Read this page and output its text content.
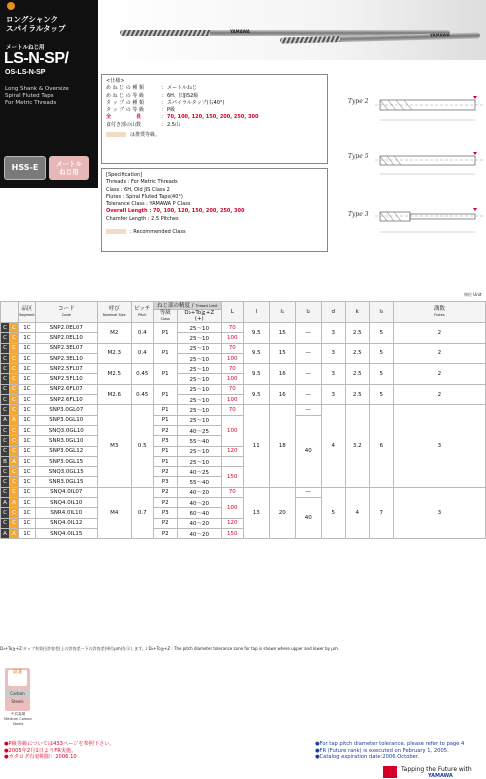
ロングシャンク
スパイラルタップ
メートルねじ用
LS-N-SP/
OS-LS-N-SP
Long Shank & Oversize
Spiral Fluted Taps
For Metric Threads
HSS-E	メートル
ねじ用
YAMAWA
YAMAWA
<仕様>
め ね じ の 種 類	： メートルねじ
め ね じ の 等 級	： 6H、旧JIS2級
タ ッ プ の 種 類	： スパイラルタップ(右40°)
タ ッ プ の 等 級	： P級
全　　　　　長	： 70, 100, 120, 150, 200, 250, 300
食付き部の山数	： 2.5山
は推奨等級。
[Specification]
Threads : For Metric Threads
Class : 6H, Old JIS Class 2
Flutes : Spiral Fluted Taps(40°)
Tolerance Class : YAMAWA P Class
Overall Length : 70, 100, 120, 150, 200, 250, 300
Chamfer Length : 2.5 Pitches
: Recommended Class
Type 2
Type 5
Type 3
単位 Unit
		品区
Segment	コード
Code	呼び
Nominal Size	ピッチ
Pitch	ねじ部の精度 / Thread Limit		L	l	l₁	l₂	d	k	l₃	溝数
Flutes
						等級
Class	D₂+To≧+Z
(+)								
C	C	1C	SNP2.0EL07	M2	0.4	P1	25〜10	70	9.5	15	—	3	2.5	5	2
C	C	1C	SNP2.0EL10				25〜10	100							
C	C	1C	SNP2.3EL07	M2.3	0.4	P1	25〜10	70	9.5	15	—	3	2.5	5	2
C	C	1C	SNP2.3EL10				25〜10	100							
C	C	1C	SNP2.5FL07	M2.5	0.45	P1	25〜10	70	9.5	16	—	3	2.5	5	2
C	C	1C	SNP2.5FL10				25〜10	100							
C	C	1C	SNP2.6FL07	M2.6	0.45	P1	25〜10	70	9.5	16	—	3	2.5	5	2
C	C	1C	SNP2.6FL10				25〜10	100							
C	C	1C	SNP3.0GL07	M3	0.5	P1	25〜10	70	11	18	—	4	3.2	6	3
A	A	1C	SNP3.0GL10			P1	25〜10	100			40				
C	C	1C	SNQ3.0GL10			P2	40〜25								
C	C	1C	SNR3.0GL10			P3	55〜40								
C	C	1C	SNP3.0GL12			P1	25〜10	120							
B	A	1C	SNP3.0GL15			P1	25〜10								
C	C	1C	SNQ3.0GL15			P2	40〜25	150							
C	C	1C	SNR3.0GL15			P3	55〜40								
C	C	1C	SNQ4.0IL07	M4	0.7	P2	40〜20	70	13	20	—	5	4	7	3
A	A	1C	SNQ4.0IL10			P2	40〜20	100			40				
C	C	1C	SNR4.0IL10			P3	60〜40								
C	C	1C	SNQ4.0IL12			P2	40〜20	120							
A	A	1C	SNQ4.0IL15			P2	40〜20	150							
D₂+To≧+Z:タップ有効径許容差(上の許容差ー下の許容差)単位μm)を示します。/ D₂+To≧+Z : The pitch diameter tolerance zone for tap is shown where upper and lower by μm.
最適
Carbon Steels
中炭素鋼
Medium Carbon Steels
●P級等級については433ページを参照下さい。
●2005年2月1日よりFR実施。
●カタログ有効期限：2006.10
●For tap pitch diameter tolerance, please refer to page 4
●FR (Future rank) is executed on February 1, 2005.
●Catalog expiration date:2006.October.
Tapping the Future with
YAMAWA
